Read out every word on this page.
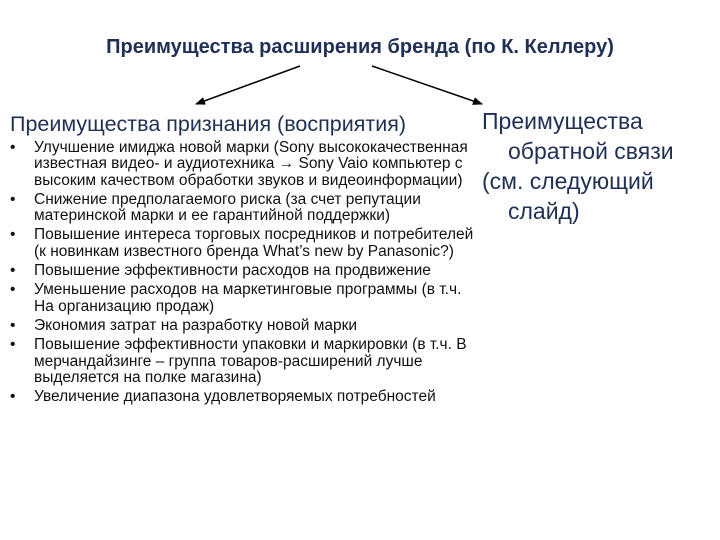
Преимущества расширения бренда (по К. Келлеру)
Преимущества признания (восприятия)	Преимущества
обратной связи
(см. следующий
слайд)
•	Улучшение имиджа новой марки (Sony высококачественная известная видео- и аудиотехника → Sony Vaio компьютер с высоким качеством обработки звуков и видеоинформации)
•	Снижение предполагаемого риска (за счет репутации материнской марки и ее гарантийной поддержки)
•	Повышение интереса торговых посредников и потребителей (к новинкам известного бренда What’s new by Panasonic?)
•	Повышение эффективности расходов на продвижение
•	Уменьшение расходов на маркетинговые программы (в т.ч. На организацию продаж)
•	Экономия затрат на разработку новой марки
•	Повышение эффективности упаковки и маркировки (в т.ч. В мерчандайзинге – группа товаров-расширений лучше выделяется на полке магазина)
•	Увеличение диапазона удовлетворяемых потребностей
